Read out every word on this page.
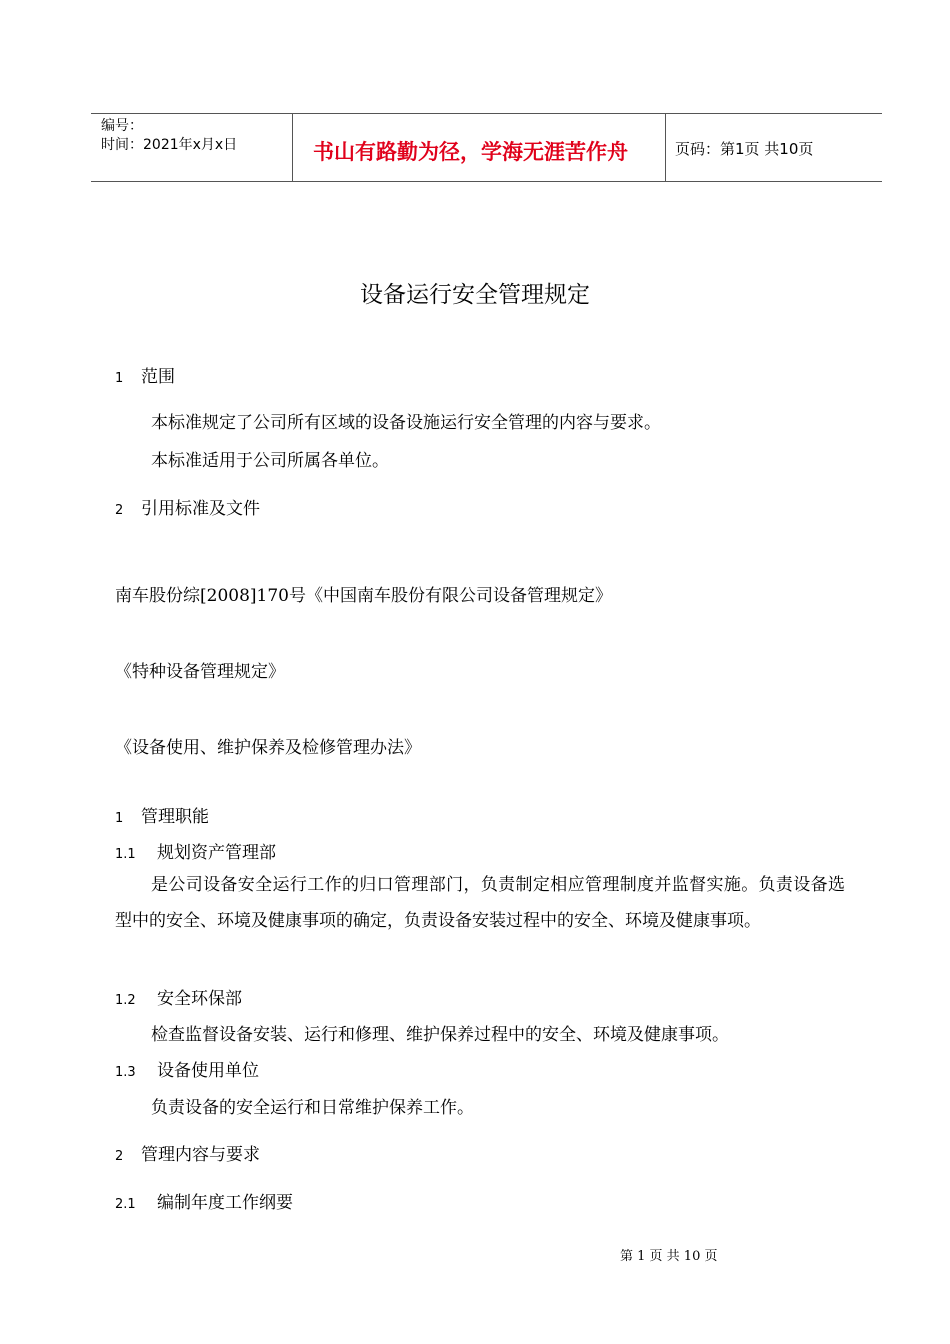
编号：
时间：2021年x月x日	书山有路勤为径，学海无涯苦作舟	页码：第1页 共10页
设备运行安全管理规定
1 范围
本标准规定了公司所有区域的设备设施运行安全管理的内容与要求。
本标准适用于公司所属各单位。
2 引用标准及文件
南车股份综[2008]170号《中国南车股份有限公司设备管理规定》
《特种设备管理规定》
《设备使用、维护保养及检修管理办法》
1 管理职能
1.1 规划资产管理部
是公司设备安全运行工作的归口管理部门，负责制定相应管理制度并监督实施。负责设备选型中的安全、环境及健康事项的确定，负责设备安装过程中的安全、环境及健康事项。
1.2 安全环保部
检查监督设备安装、运行和修理、维护保养过程中的安全、环境及健康事项。
1.3 设备使用单位
负责设备的安全运行和日常维护保养工作。
2 管理内容与要求
2.1 编制年度工作纲要
第 1 页 共 10 页
